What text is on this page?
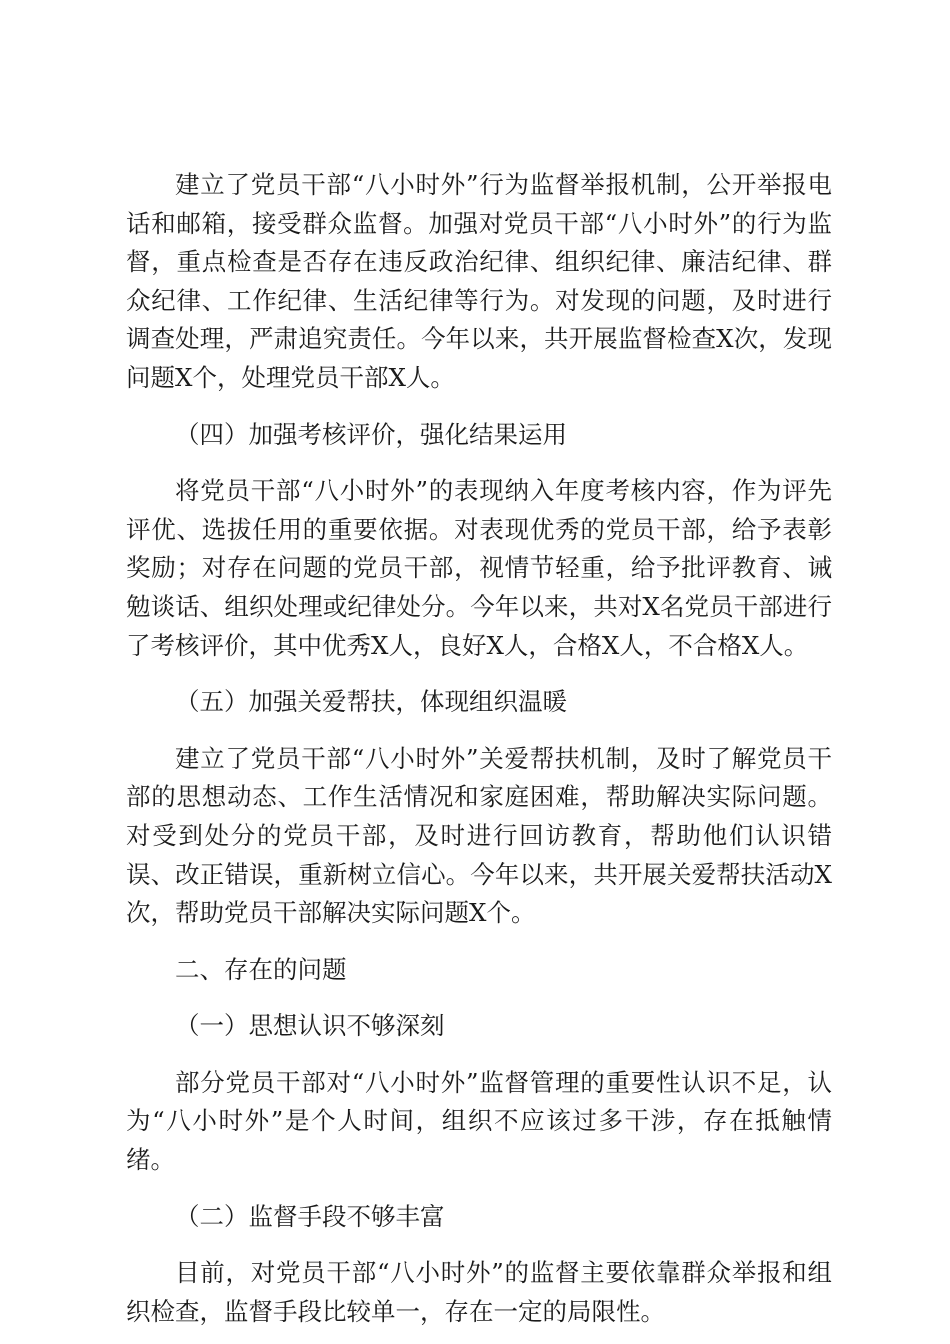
建立了党员干部“八小时外”行为监督举报机制，公开举报电话和邮箱，接受群众监督。加强对党员干部“八小时外”的行为监督，重点检查是否存在违反政治纪律、组织纪律、廉洁纪律、群众纪律、工作纪律、生活纪律等行为。对发现的问题，及时进行调查处理，严肃追究责任。今年以来，共开展监督检查X次，发现问题X个，处理党员干部X人。

（四）加强考核评价，强化结果运用

将党员干部“八小时外”的表现纳入年度考核内容，作为评先评优、选拔任用的重要依据。对表现优秀的党员干部，给予表彰奖励；对存在问题的党员干部，视情节轻重，给予批评教育、诫勉谈话、组织处理或纪律处分。今年以来，共对X名党员干部进行了考核评价，其中优秀X人，良好X人，合格X人，不合格X人。

（五）加强关爱帮扶，体现组织温暖

建立了党员干部“八小时外”关爱帮扶机制，及时了解党员干部的思想动态、工作生活情况和家庭困难，帮助解决实际问题。对受到处分的党员干部，及时进行回访教育，帮助他们认识错误、改正错误，重新树立信心。今年以来，共开展关爱帮扶活动X次，帮助党员干部解决实际问题X个。

二、存在的问题

（一）思想认识不够深刻

部分党员干部对“八小时外”监督管理的重要性认识不足，认为“八小时外”是个人时间，组织不应该过多干涉，存在抵触情绪。

（二）监督手段不够丰富

目前，对党员干部“八小时外”的监督主要依靠群众举报和组织检查，监督手段比较单一，存在一定的局限性。
